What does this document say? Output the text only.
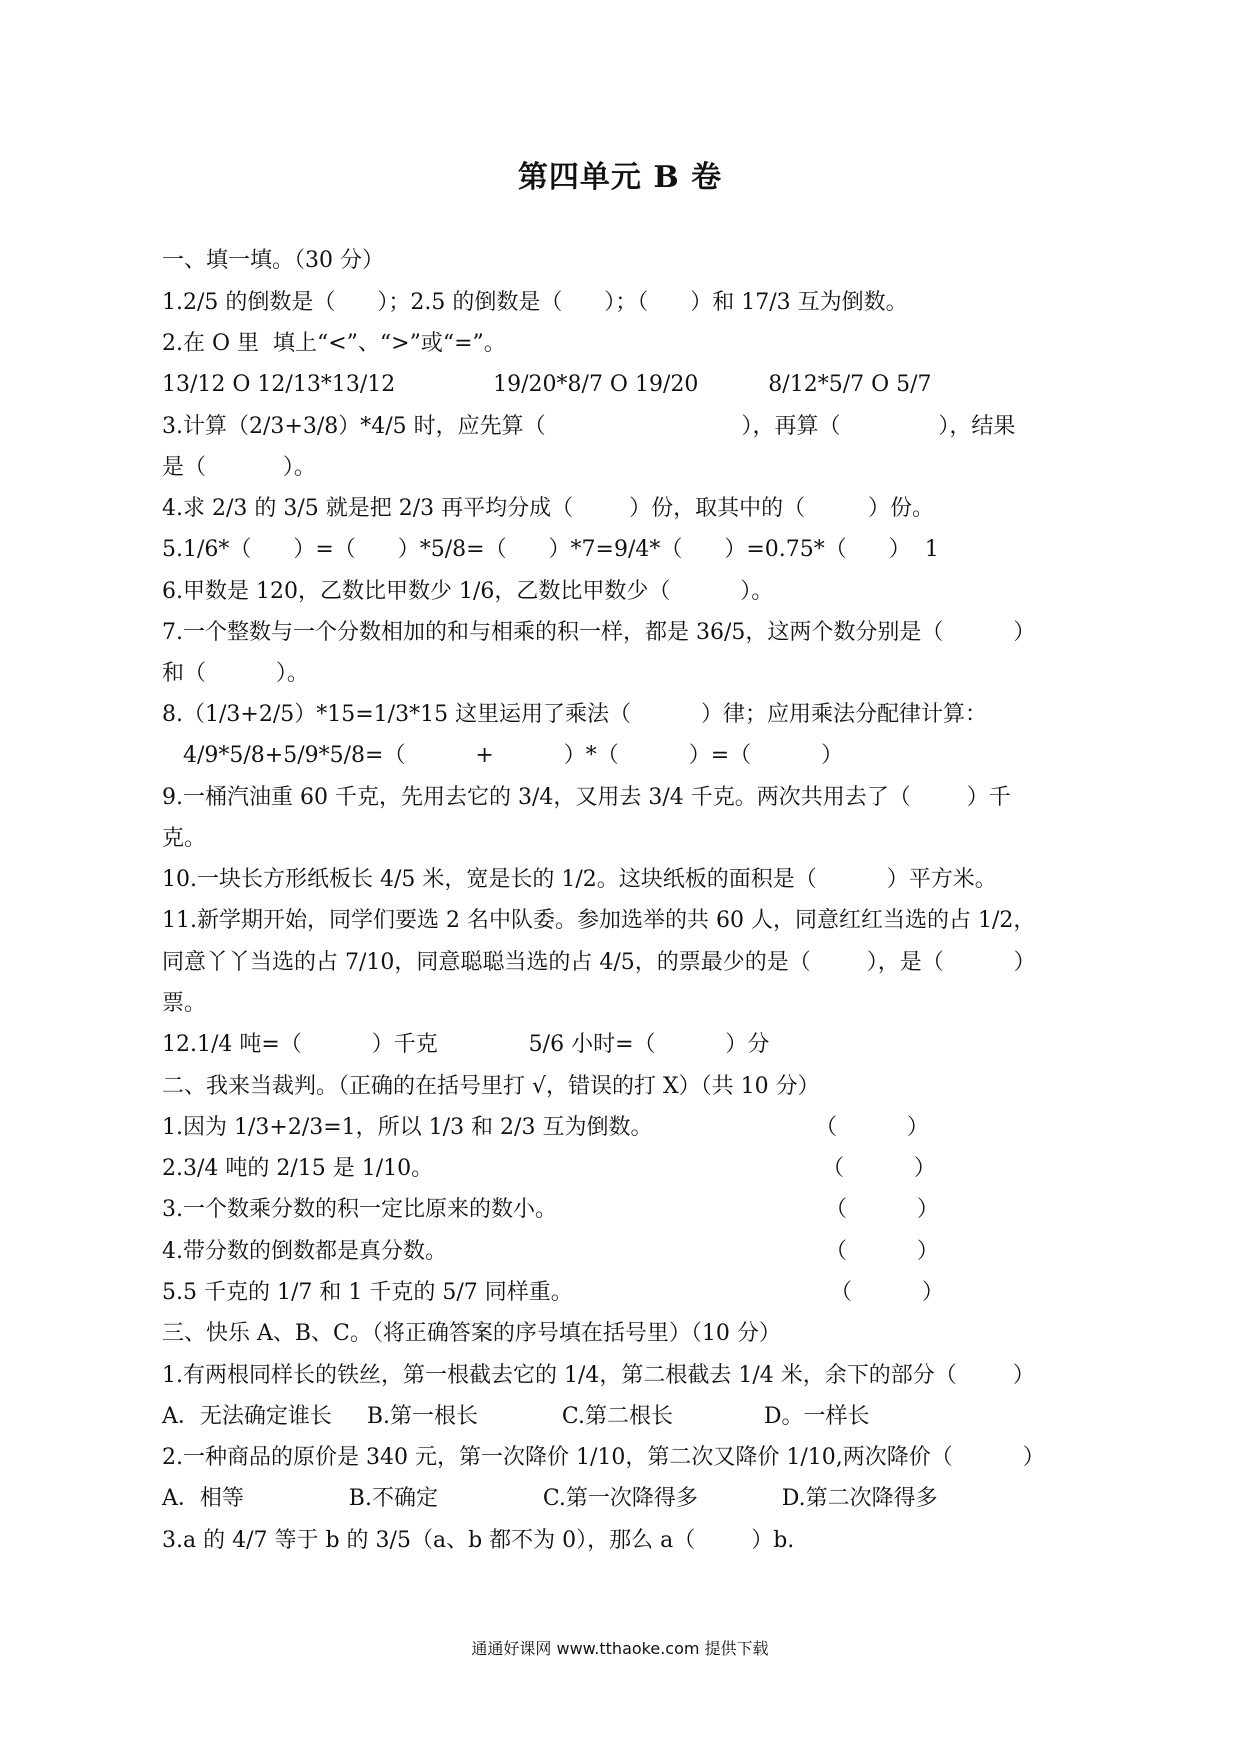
第四单元 B 卷
一、填一填。（30 分）
1.2/5 的倒数是（      ）；2.5 的倒数是（      ）；（      ）和 17/3 互为倒数。
2.在 O 里  填上“<”、“>”或“=”。
13/12 O 12/13*13/12              19/20*8/7 O 19/20          8/12*5/7 O 5/7
3.计算（2/3+3/8）*4/5 时，应先算（                            ），再算（              ），结果
是（           ）。
4.求 2/3 的 3/5 就是把 2/3 再平均分成（        ）份，取其中的（         ）份。
5.1/6*（      ）=（      ）*5/8=（      ）*7=9/4*（      ）=0.75*（      ）  1
6.甲数是 120，乙数比甲数少 1/6，乙数比甲数少（          ）。
7.一个整数与一个分数相加的和与相乘的积一样，都是 36/5，这两个数分别是（          ）
和（          ）。
8.（1/3+2/5）*15=1/3*15 这里运用了乘法（          ）律；应用乘法分配律计算：
4/9*5/8+5/9*5/8=（          +          ）*（          ）=（          ）
9.一桶汽油重 60 千克，先用去它的 3/4，又用去 3/4 千克。两次共用去了（        ）千
克。
10.一块长方形纸板长 4/5 米，宽是长的 1/2。这块纸板的面积是（          ）平方米。
11.新学期开始，同学们要选 2 名中队委。参加选举的共 60 人，同意红红当选的占 1/2，
同意丫丫当选的占 7/10，同意聪聪当选的占 4/5，的票最少的是（        ），是（          ）
票。
12.1/4 吨=（          ）千克             5/6 小时=（          ）分
二、我来当裁判。（正确的在括号里打 √，错误的打 X）（共 10 分）
1.因为 1/3+2/3=1，所以 1/3 和 2/3 互为倒数。	（          ）
2.3/4 吨的 2/15 是 1/10。	（          ）
3.一个数乘分数的积一定比原来的数小。	（          ）
4.带分数的倒数都是真分数。	（          ）
5.5 千克的 1/7 和 1 千克的 5/7 同样重。	（          ）
三、快乐 A、B、C。（将正确答案的序号填在括号里）（10 分）
1.有两根同样长的铁丝，第一根截去它的 1/4，第二根截去 1/4 米，余下的部分（        ）
A．无法确定谁长     B.第一根长            C.第二根长             D。一样长
2.一种商品的原价是 340 元，第一次降价 1/10，第二次又降价 1/10,两次降价（          ）
A．相等               B.不确定               C.第一次降得多            D.第二次降得多
3.a 的 4/7 等于 b 的 3/5（a、b 都不为 0），那么 a（        ）b.
通通好课网 www.tthaoke.com 提供下载
